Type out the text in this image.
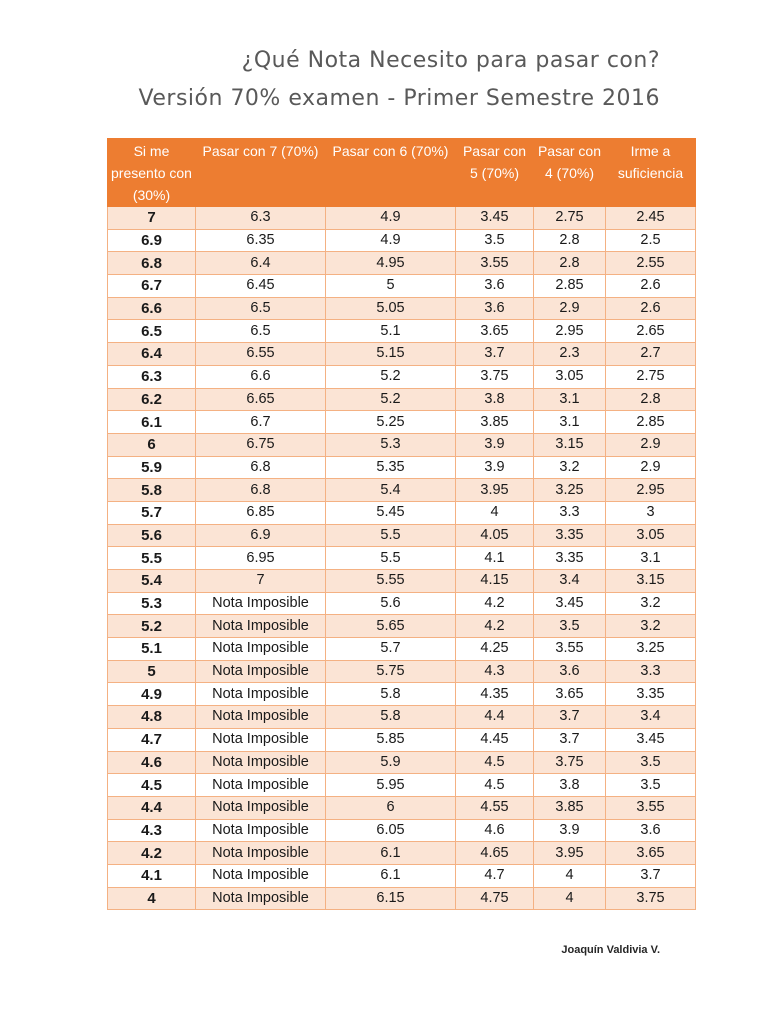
¿Qué Nota Necesito para pasar con?
Versión 70% examen - Primer Semestre 2016
Si me presento con (30%)	Pasar con 7 (70%)	Pasar con 6 (70%)	Pasar con 5 (70%)	Pasar con 4 (70%)	Irme a suficiencia
7	6.3	4.9	3.45	2.75	2.45
6.9	6.35	4.9	3.5	2.8	2.5
6.8	6.4	4.95	3.55	2.8	2.55
6.7	6.45	5	3.6	2.85	2.6
6.6	6.5	5.05	3.6	2.9	2.6
6.5	6.5	5.1	3.65	2.95	2.65
6.4	6.55	5.15	3.7	2.3	2.7
6.3	6.6	5.2	3.75	3.05	2.75
6.2	6.65	5.2	3.8	3.1	2.8
6.1	6.7	5.25	3.85	3.1	2.85
6	6.75	5.3	3.9	3.15	2.9
5.9	6.8	5.35	3.9	3.2	2.9
5.8	6.8	5.4	3.95	3.25	2.95
5.7	6.85	5.45	4	3.3	3
5.6	6.9	5.5	4.05	3.35	3.05
5.5	6.95	5.5	4.1	3.35	3.1
5.4	7	5.55	4.15	3.4	3.15
5.3	Nota Imposible	5.6	4.2	3.45	3.2
5.2	Nota Imposible	5.65	4.2	3.5	3.2
5.1	Nota Imposible	5.7	4.25	3.55	3.25
5	Nota Imposible	5.75	4.3	3.6	3.3
4.9	Nota Imposible	5.8	4.35	3.65	3.35
4.8	Nota Imposible	5.8	4.4	3.7	3.4
4.7	Nota Imposible	5.85	4.45	3.7	3.45
4.6	Nota Imposible	5.9	4.5	3.75	3.5
4.5	Nota Imposible	5.95	4.5	3.8	3.5
4.4	Nota Imposible	6	4.55	3.85	3.55
4.3	Nota Imposible	6.05	4.6	3.9	3.6
4.2	Nota Imposible	6.1	4.65	3.95	3.65
4.1	Nota Imposible	6.1	4.7	4	3.7
4	Nota Imposible	6.15	4.75	4	3.75
Joaquín Valdivia V.
